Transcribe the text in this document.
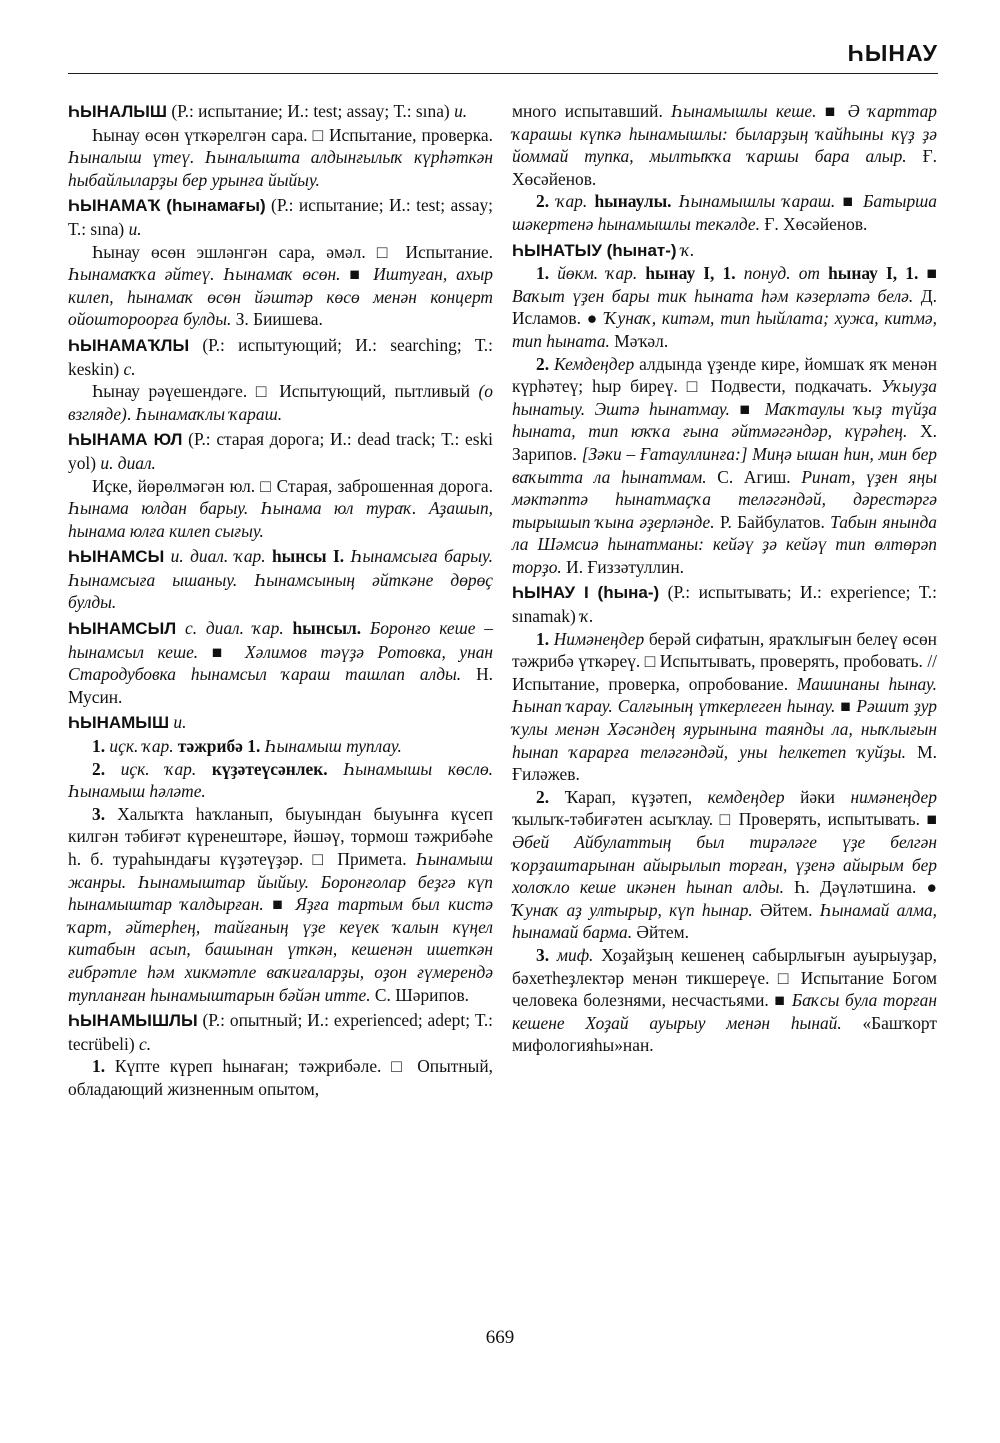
ҺЫНАУ

ҺЫНАЛЫШ (Р.: испытание; И.: test; assay; Т.: sına) и.

Һынау өсөн үткәрелгән сара. □ Испытание, проверка. Һыналыш үтеү. Һыналышта алдынғылыҡ күрһәткән һыбайлыларҙы бер урынға йыйыу.

ҺЫНАМАҠ (һынамағы) (Р.: испытание; И.: test; assay; Т.: sına) и.

Һынау өсөн эшләнгән сара, әмәл. □ Испытание. Һынамаҡҡа әйтеү. Һынамаҡ өсөн. ■ Иштуған, ахыр килеп, һынамаҡ өсөн йәштәр көсө менән концерт ойоштороорға булды. З. Биишева.

ҺЫНАМАҠЛЫ (Р.: испытующий; И.: searching; Т.: keskin) с.

Һынау рәүешендәге. □ Испытующий, пытливый (о взгляде). Һынамаҡлы ҡараш.

ҺЫНАМА ЮЛ (Р.: старая дорога; И.: dead track; Т.: eski yol) и. диал.

Иҫке, йөрөлмәгән юл. □ Старая, заброшенная дорога. Һынама юлдан барыу. Һынама юл тураҡ. Аҙашып, һынама юлға килеп сығыу.

ҺЫНАМСЫ и. диал. ҡар. һынсы I. Һынамсыға барыу. Һынамсыға ышаныу. Һынамсының әйткәне дөрөҫ булды.

ҺЫНАМСЫЛ с. диал. ҡар. һынсыл. Боронғо кеше – һынамсыл кеше. ■ Хәлимов тәүҙә Ротовка, унан Стародубовка һынамсыл ҡараш ташлап алды. Н. Мусин.

ҺЫНАМЫШ и.

1. иҫк. ҡар. тәжрибә 1. Һынамыш туплау.

2. иҫк. ҡар. күҙәтеүсәнлек. Һынамышы көслө. Һынамыш һәләте.

3. Халыҡта һаҡланып, быуындан быуынға күсеп килгән тәбиғәт күренештәре, йәшәү, тормош тәжрибәһе һ. б. тураһындағы күҙәтеүҙәр. □ Примета. Һынамыш жанры. Һынамыштар йыйыу. Боронғолар беҙгә күп һынамыштар ҡалдырған. ■ Яҙға тартым был кистә ҡарт, әйтерһең, тайғаның үҙе кеүек ҡалын күңел китабын асып, башынан үткән, кешенән ишеткән ғибрәтле һәм хикмәтле ваҡиғаларҙы, оҙон ғүмерендә тупланған һынамыштарын бәйән итте. С. Шәрипов.

ҺЫНАМЫШЛЫ (Р.: опытный; И.: experienced; adept; Т.: tecrübeli) с.

1. Күпте күреп һынаған; тәжрибәле. □ Опытный, обладающий жизненным опытом,

много испытавший. Һынамышлы кеше. ■ Ә ҡарттар ҡарашы күпкә һынамышлы: быларҙың ҡайһыны күҙ ҙә йоммай тупка, мылтыҡҡа ҡаршы бара алыр. Ғ. Хөсәйенов.

2. ҡар. һынаулы. Һынамышлы ҡараш. ■ Батырша шәкертенә һынамышлы текәлде. Ғ. Хөсәйенов.

ҺЫНАТЫУ (һынат-) ҡ.

1. йөкм. ҡар. һынау I, 1. понуд. от һынау I, 1. ■ Ваҡыт үҙен бары тик һыната һәм кәзерләтә белә. Д. Исламов. ● Ҡунаҡ, китәм, тип һыйлата; хужа, китмә, тип һыната. Мәҡәл.

2. Кемдеңдер алдында үҙенде кире, йомшаҡ яҡ менән күрһәтеү; һыр биреү. □ Подвести, подкачать. Уҡыуҙа һынатыу. Эштә һынатмау. ■ Маҡтаулы ҡыҙ түйҙа һыната, тип юҡҡа ғына әйтмәгәндәр, күрәһең. Х. Зарипов. [Зәки – Ғатауллинға:] Миңә ышан һин, мин бер ваҡытта ла һынатмам. С. Агиш. Ринат, үҙен яңы мәктәптә һынатмаҫҡа теләгәндәй, дәрестәргә тырышып ҡына әҙерләнде. Р. Байбулатов. Табын янында ла Шәмсиә һынатманы: кейәү ҙә кейәү тип өлтөрәп торҙо. И. Ғиззәтуллин.

ҺЫНАУ I (һына-) (Р.: испытывать; И.: experience; Т.: sınamak) ҡ.

1. Нимәнеңдер берәй сифатын, яраҡлығын белеү өсөн тәжрибә үткәреү. □ Испытывать, проверять, пробовать. // Испытание, проверка, опробование. Машинаны һынау. Һынап ҡарау. Салғының үткерлеген һынау. ■ Рәшит ҙур ҡулы менән Хәсәндең яурынына таянды ла, ныҡлығын һынап ҡарарға теләгәндәй, уны һелкетеп ҡуйҙы. М. Ғиләжев.

2. Ҡарап, күҙәтеп, кемдеңдер йәки нимәнеңдер ҡылыҡ-тәбиғәтен асыҡлау. □ Проверять, испытывать. ■ Әбей Айбулаттың был тирәләге үҙе белгән ҡорҙаштарынан айырылып торған, үҙенә айырым бер холоҡло кеше икәнен һынап алды. Һ. Дәүләтшина. ● Ҡунаҡ аҙ ултырыр, күп һынар. Әйтем. Һынамай алма, һынамай барма. Әйтем.

3. миф. Хоҙайҙың кешенең сабырлығын ауырыуҙар, бәхетһеҙлектәр менән тикшереүе. □ Испытание Богом человека болезнями, несчастьями. ■ Баҡсы була торған кешене Хоҙай ауырыу менән һынай. «Башҡорт мифологияһы»нан.

669
